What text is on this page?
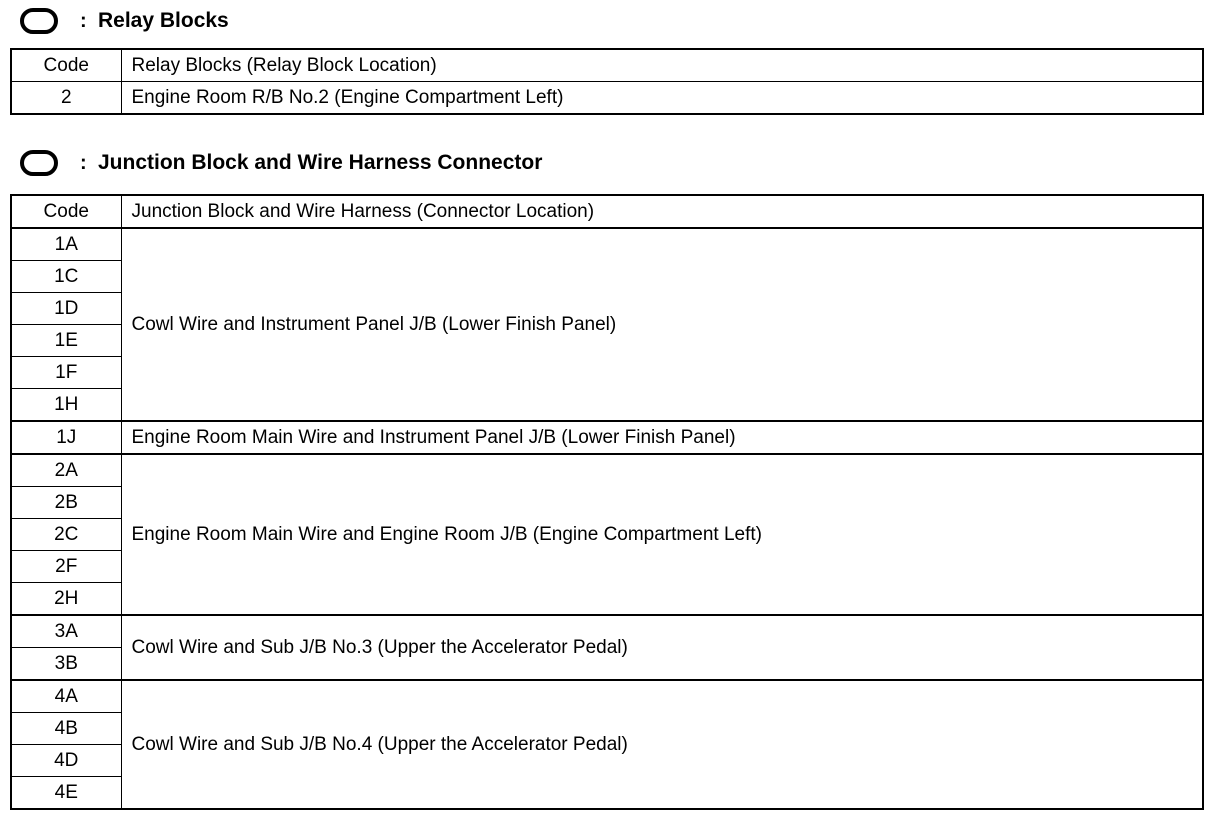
: Relay Blocks
Code	Relay Blocks (Relay Block Location)
2	Engine Room R/B No.2 (Engine Compartment Left)
: Junction Block and Wire Harness Connector
Code	Junction Block and Wire Harness (Connector Location)
1A	Cowl Wire and Instrument Panel J/B (Lower Finish Panel)
1C	
1D	
1E	
1F	
1H	
1J	Engine Room Main Wire and Instrument Panel J/B (Lower Finish Panel)
2A	Engine Room Main Wire and Engine Room J/B (Engine Compartment Left)
2B	
2C	
2F	
2H	
3A	Cowl Wire and Sub J/B No.3 (Upper the Accelerator Pedal)
3B	
4A	Cowl Wire and Sub J/B No.4 (Upper the Accelerator Pedal)
4B	
4D	
4E	
